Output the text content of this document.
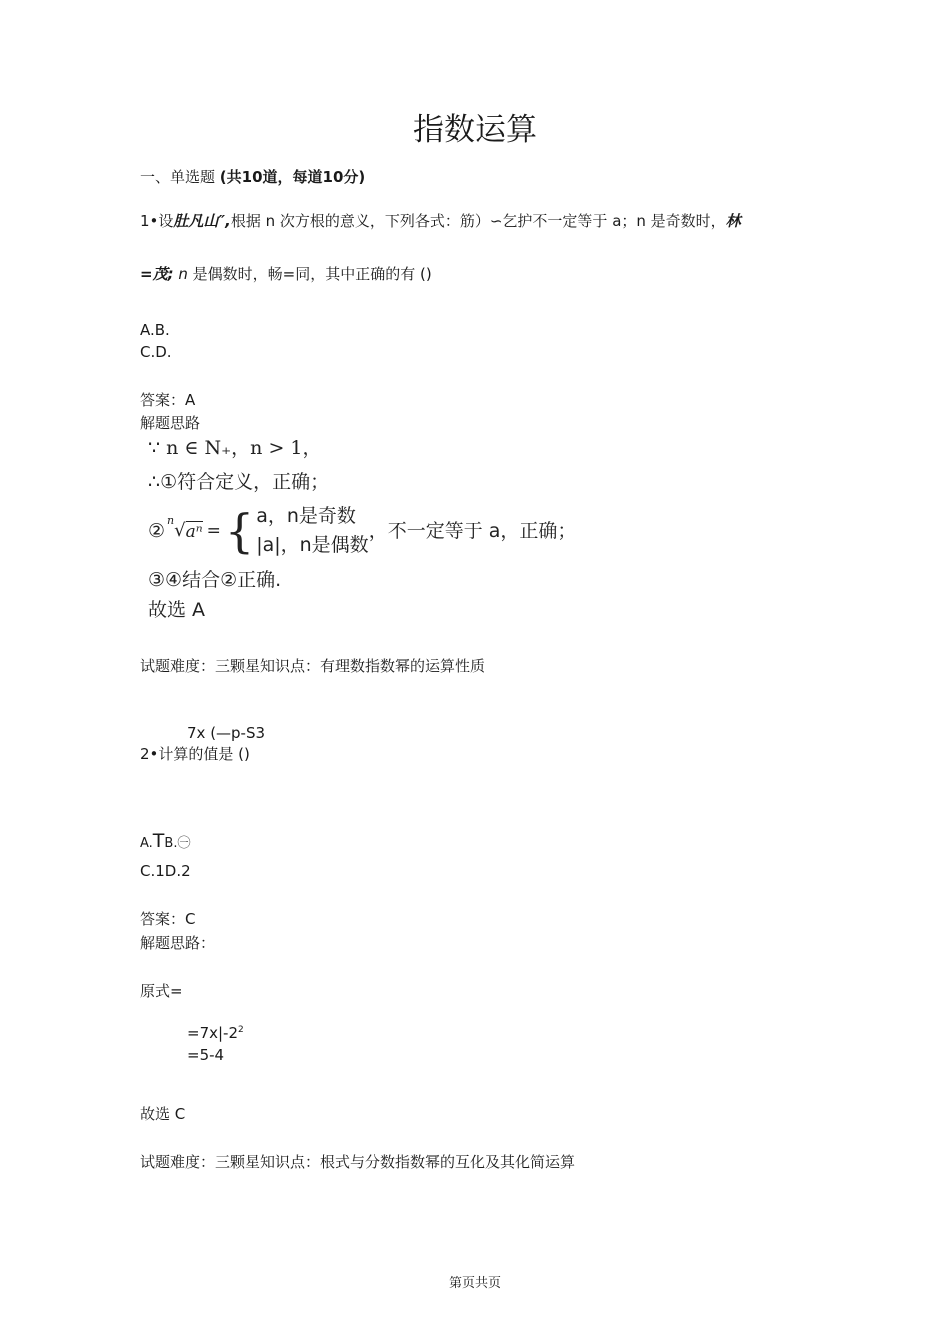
指数运算
一、单选题 (共10道，每道10分)
1•设肚凡山″,根据 n 次方根的意义，下列各式：筋）∽乞护不一定等于 a；n 是奇数时，林
=茂; n 是偶数时，畅=同，其中正确的有 ()
A.B.
C.D.
答案：A
解题思路
∵ n ∈ N₊，n > 1，
∴①符合定义，正确；
② n √ aⁿ = { a，n是奇数
|a|，n是偶数
，不一定等于 a，正确；
③④结合②正确.
故选 A
试题难度：三颗星知识点：有理数指数幂的运算性质
7x (—p-S3
2•计算的值是 ()
A.TB.㊀
C.1D.2
答案：C
解题思路：
原式=
$=7x|-2^2$
=5-4
故选 C
试题难度：三颗星知识点：根式与分数指数幂的互化及其化简运算
第页共页
